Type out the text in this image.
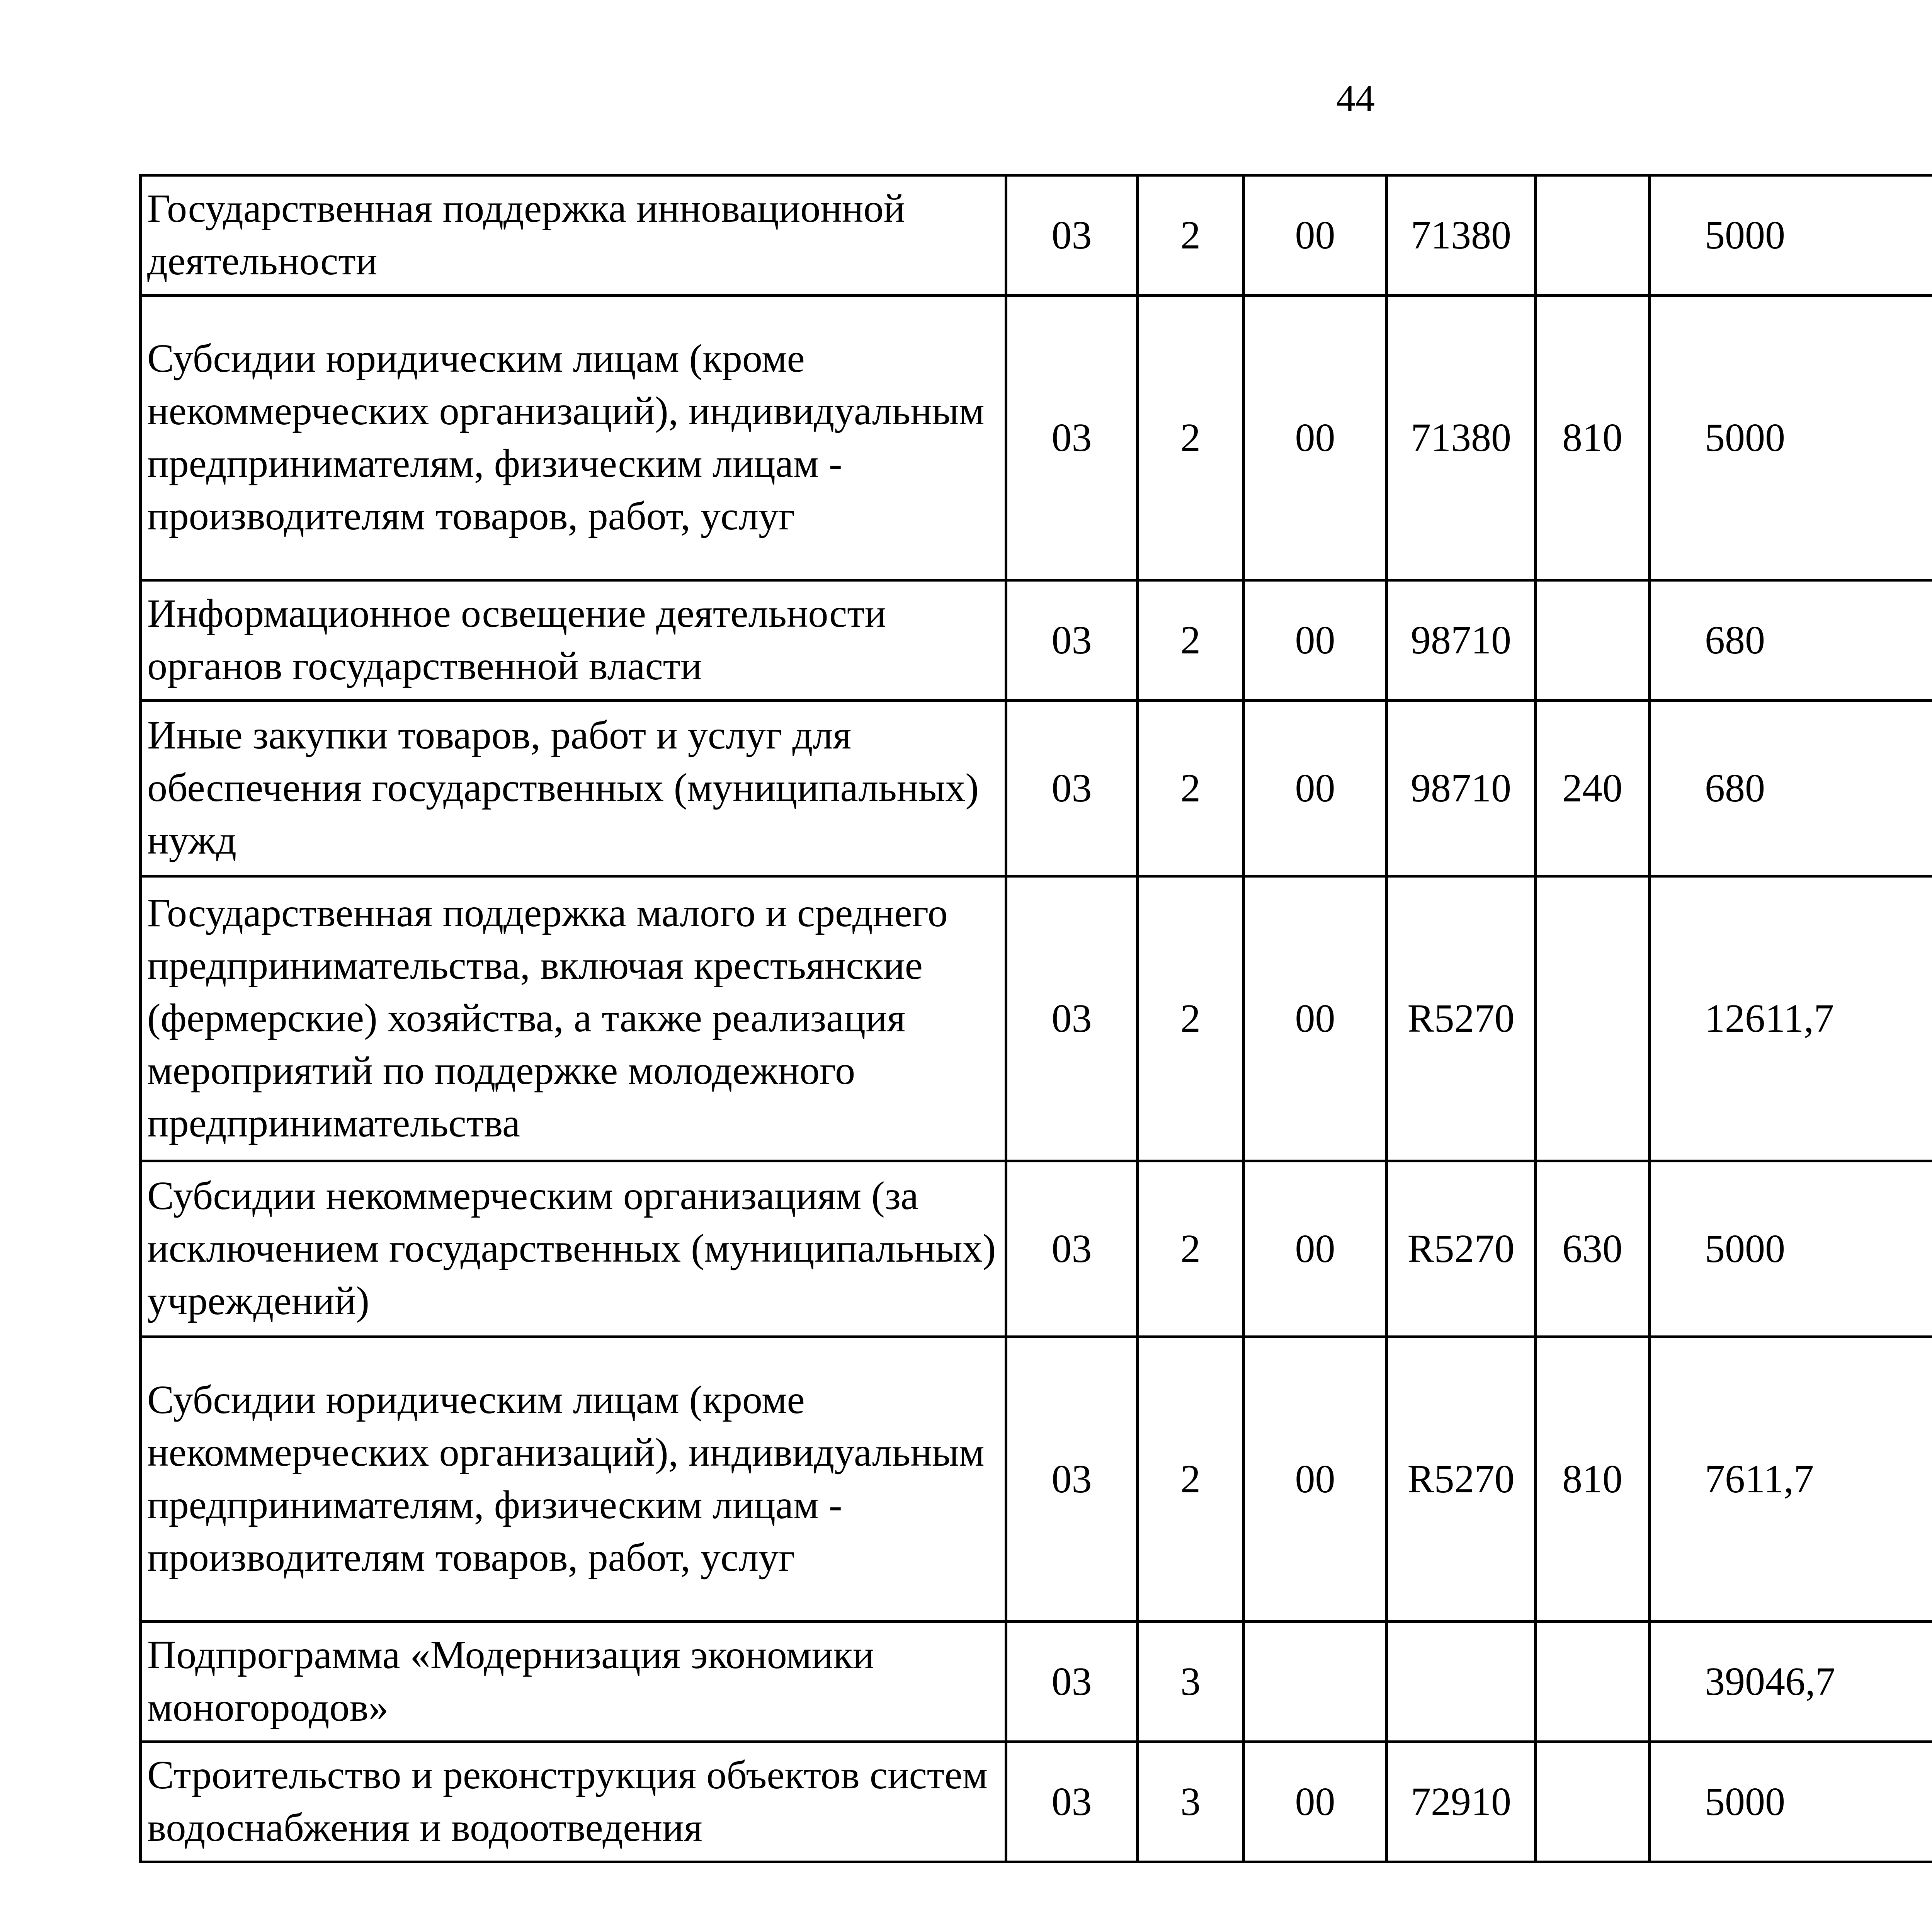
44
Государственная поддержка инновационной деятельности	03	2	00	71380		5000		
Субсидии юридическим лицам (кроме некоммерческих организаций), индивидуальным предпринимателям, физическим лицам - производителям товаров, работ, услуг	03	2	00	71380	810	5000		
Информационное освещение деятельности органов государственной власти	03	2	00	98710		680		
Иные закупки товаров, работ и услуг для обеспечения государственных (муниципальных) нужд	03	2	00	98710	240	680		
Государственная поддержка малого и среднего предпринимательства, включая крестьянские (фермерские) хозяйства, а также реализация мероприятий по поддержке молодежного предпринимательства	03	2	00	R5270		12611,7		
Субсидии некоммерческим организациям (за исключением государственных (муниципальных) учреждений)	03	2	00	R5270	630	5000		
Субсидии юридическим лицам (кроме некоммерческих организаций), индивидуальным предпринимателям, физическим лицам - производителям товаров, работ, услуг	03	2	00	R5270	810	7611,7		
Подпрограмма «Модернизация экономики моногородов»	03	3				39046,7		
Строительство и реконструкция объектов систем водоснабжения и водоотведения	03	3	00	72910		5000		
